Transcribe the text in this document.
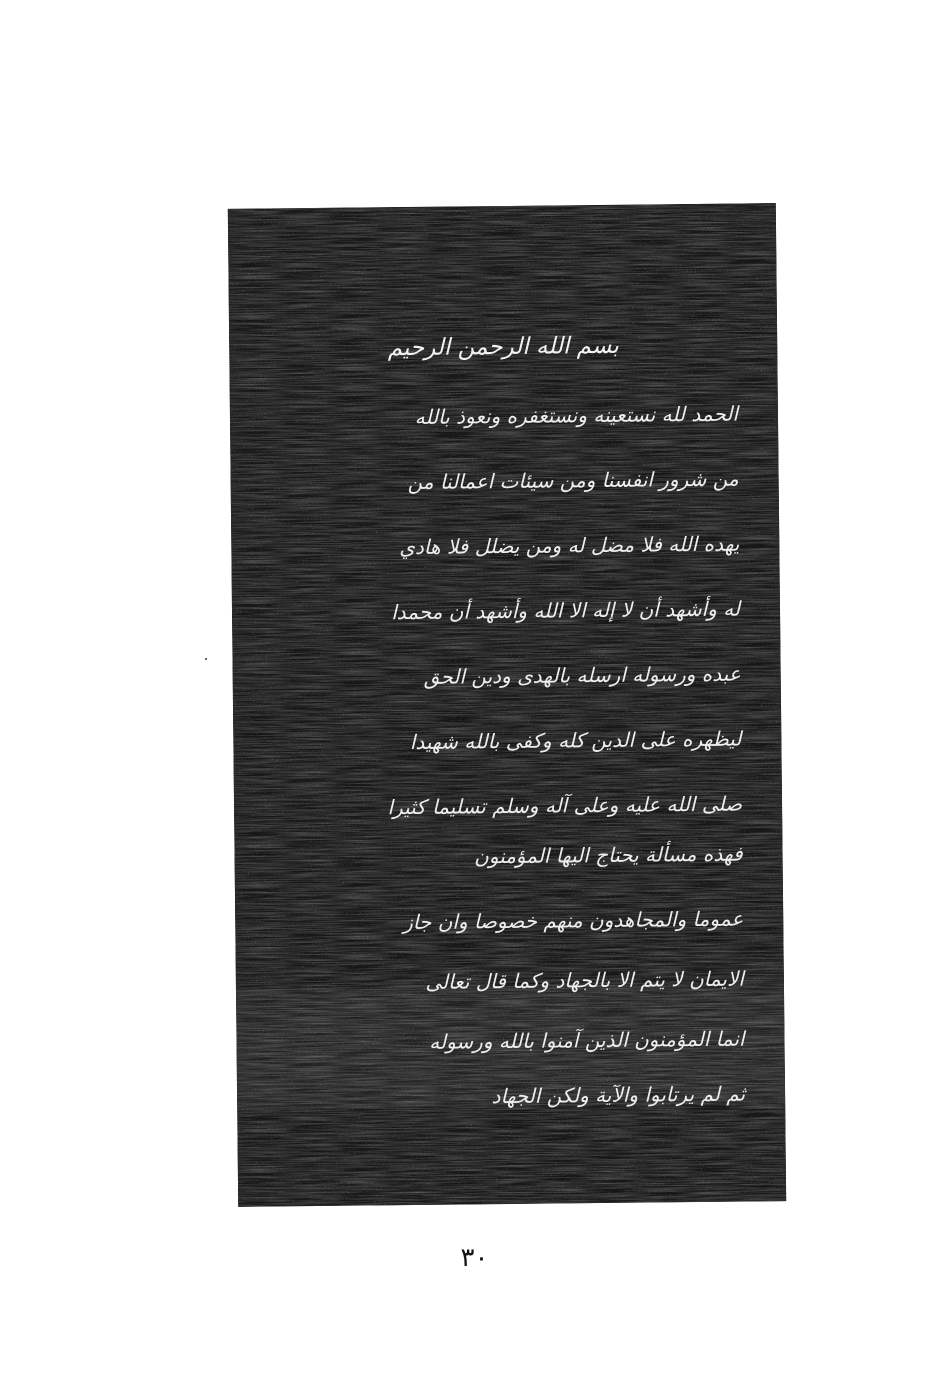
بسم الله الرحمن الرحيم
الحمد لله نستعينه ونستغفره ونعوذ بالله
من شرور انفسنا ومن سيئات اعمالنا من
يهده الله فلا مضل له ومن يضلل فلا هادي
له وأشهد أن لا إله الا الله وأشهد أن محمدا
عبده ورسوله ارسله بالهدى ودين الحق
ليظهره على الدين كله وكفى بالله شهيدا
صلى الله عليه وعلى آله وسلم تسليما كثيرا
فهذه مسألة يحتاج اليها المؤمنون
عموما والمجاهدون منهم خصوصا وان جاز
الايمان لا يتم الا بالجهاد وكما قال تعالى
انما المؤمنون الذين آمنوا بالله ورسوله
ثم لم يرتابوا والآية ولكن الجهاد
٣٠
